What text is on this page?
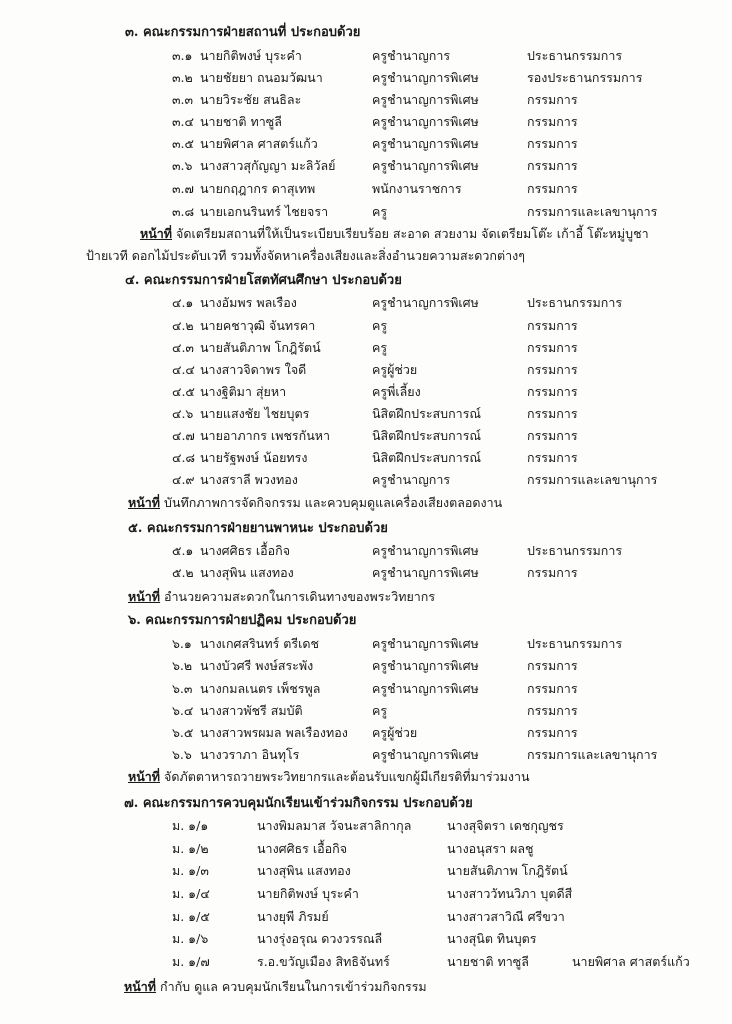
๓. คณะกรรมการฝ่ายสถานที่ ประกอบด้วย
๓.๑ นายกิติพงษ์ บุระคำ	ครูชำนาญการ	ประธานกรรมการ
๓.๒ นายชัยยา ถนอมวัฒนา	ครูชำนาญการพิเศษ	รองประธานกรรมการ
๓.๓ นายวิระชัย สนธิละ	ครูชำนาญการพิเศษ	กรรมการ
๓.๔ นายชาติ ทาซูลี	ครูชำนาญการพิเศษ	กรรมการ
๓.๕ นายพิศาล ศาสตร์แก้ว	ครูชำนาญการพิเศษ	กรรมการ
๓.๖ นางสาวสุกัญญา มะลิวัลย์	ครูชำนาญการพิเศษ	กรรมการ
๓.๗ นายกฤฎากร ดาสุเทพ	พนักงานราชการ	กรรมการ
๓.๘ นายเอกนรินทร์ ไชยจรา	ครู	กรรมการและเลขานุการ
หน้าที่ จัดเตรียมสถานที่ให้เป็นระเบียบเรียบร้อย สะอาด สวยงาม จัดเตรียมโต๊ะ เก้าอี้ โต๊ะหมู่บูชา
ป้ายเวที ดอกไม้ประดับเวที รวมทั้งจัดหาเครื่องเสียงและสิ่งอำนวยความสะดวกต่างๆ
๔. คณะกรรมการฝ่ายโสตทัศนศึกษา ประกอบด้วย
๔.๑ นางอัมพร พลเรือง	ครูชำนาญการพิเศษ	ประธานกรรมการ
๔.๒ นายคชาวุฒิ จันทรคา	ครู	กรรมการ
๔.๓ นายสันติภาพ โกฎิรัตน์	ครู	กรรมการ
๔.๔ นางสาวจิดาพร ใจดี	ครูผู้ช่วย	กรรมการ
๔.๕ นางฐิติมา สุ่ยหา	ครูพี่เลี้ยง	กรรมการ
๔.๖ นายแสงชัย ไชยบุตร	นิสิตฝึกประสบการณ์	กรรมการ
๔.๗ นายอาภากร เพชรกันหา	นิสิตฝึกประสบการณ์	กรรมการ
๔.๘ นายรัฐพงษ์ น้อยทรง	นิสิตฝึกประสบการณ์	กรรมการ
๔.๙ นางสราลี พวงทอง	ครูชำนาญการ	กรรมการและเลขานุการ
หน้าที่ บันทึกภาพการจัดกิจกรรม และควบคุมดูแลเครื่องเสียงตลอดงาน
๕. คณะกรรมการฝ่ายยานพาหนะ ประกอบด้วย
๕.๑ นางศศิธร เอื้อกิจ	ครูชำนาญการพิเศษ	ประธานกรรมการ
๕.๒ นางสุพิน แสงทอง	ครูชำนาญการพิเศษ	กรรมการ
หน้าที่ อำนวยความสะดวกในการเดินทางของพระวิทยากร
๖. คณะกรรมการฝ่ายปฏิคม ประกอบด้วย
๖.๑ นางเกศสรินทร์ ตรีเดช	ครูชำนาญการพิเศษ	ประธานกรรมการ
๖.๒ นางบัวศรี พงษ์สระพัง	ครูชำนาญการพิเศษ	กรรมการ
๖.๓ นางกมลเนตร เพ็ชรพูล	ครูชำนาญการพิเศษ	กรรมการ
๖.๔ นางสาวพัชรี สมบัติ	ครู	กรรมการ
๖.๕ นางสาวพรผมล พลเรืองทอง ครูผู้ช่วย	กรรมการ
๖.๖ นางวราภา อินทุโร	ครูชำนาญการพิเศษ	กรรมการและเลขานุการ
หน้าที่ จัดภัตตาหารถวายพระวิทยากรและต้อนรับแขกผู้มีเกียรติที่มาร่วมงาน
๗. คณะกรรมการควบคุมนักเรียนเข้าร่วมกิจกรรม ประกอบด้วย
ม. ๑/๑	นางพิมลมาส วัจนะสาลิกากุล	นางสุจิตรา เดชกุญชร
ม. ๑/๒	นางศศิธร เอื้อกิจ	นางอนุสรา ผลชู
ม. ๑/๓	นางสุพิน แสงทอง	นายสันติภาพ โกฎิรัตน์
ม. ๑/๔	นายกิติพงษ์ บุระคำ	นางสาววัทนวิภา บุตดีสี
ม. ๑/๕	นางยุพี ภิรมย์	นางสาวสาวิณี ศรีขวา
ม. ๑/๖	นางรุ่งอรุณ ดวงวรรณลี	นางสุนิต ทินบุตร
ม. ๑/๗	ร.อ.ขวัญเมือง สิทธิจันทร์	นายชาติ ทาซูลี	นายพิศาล ศาสตร์แก้ว
หน้าที่ กำกับ ดูแล ควบคุมนักเรียนในการเข้าร่วมกิจกรรม
